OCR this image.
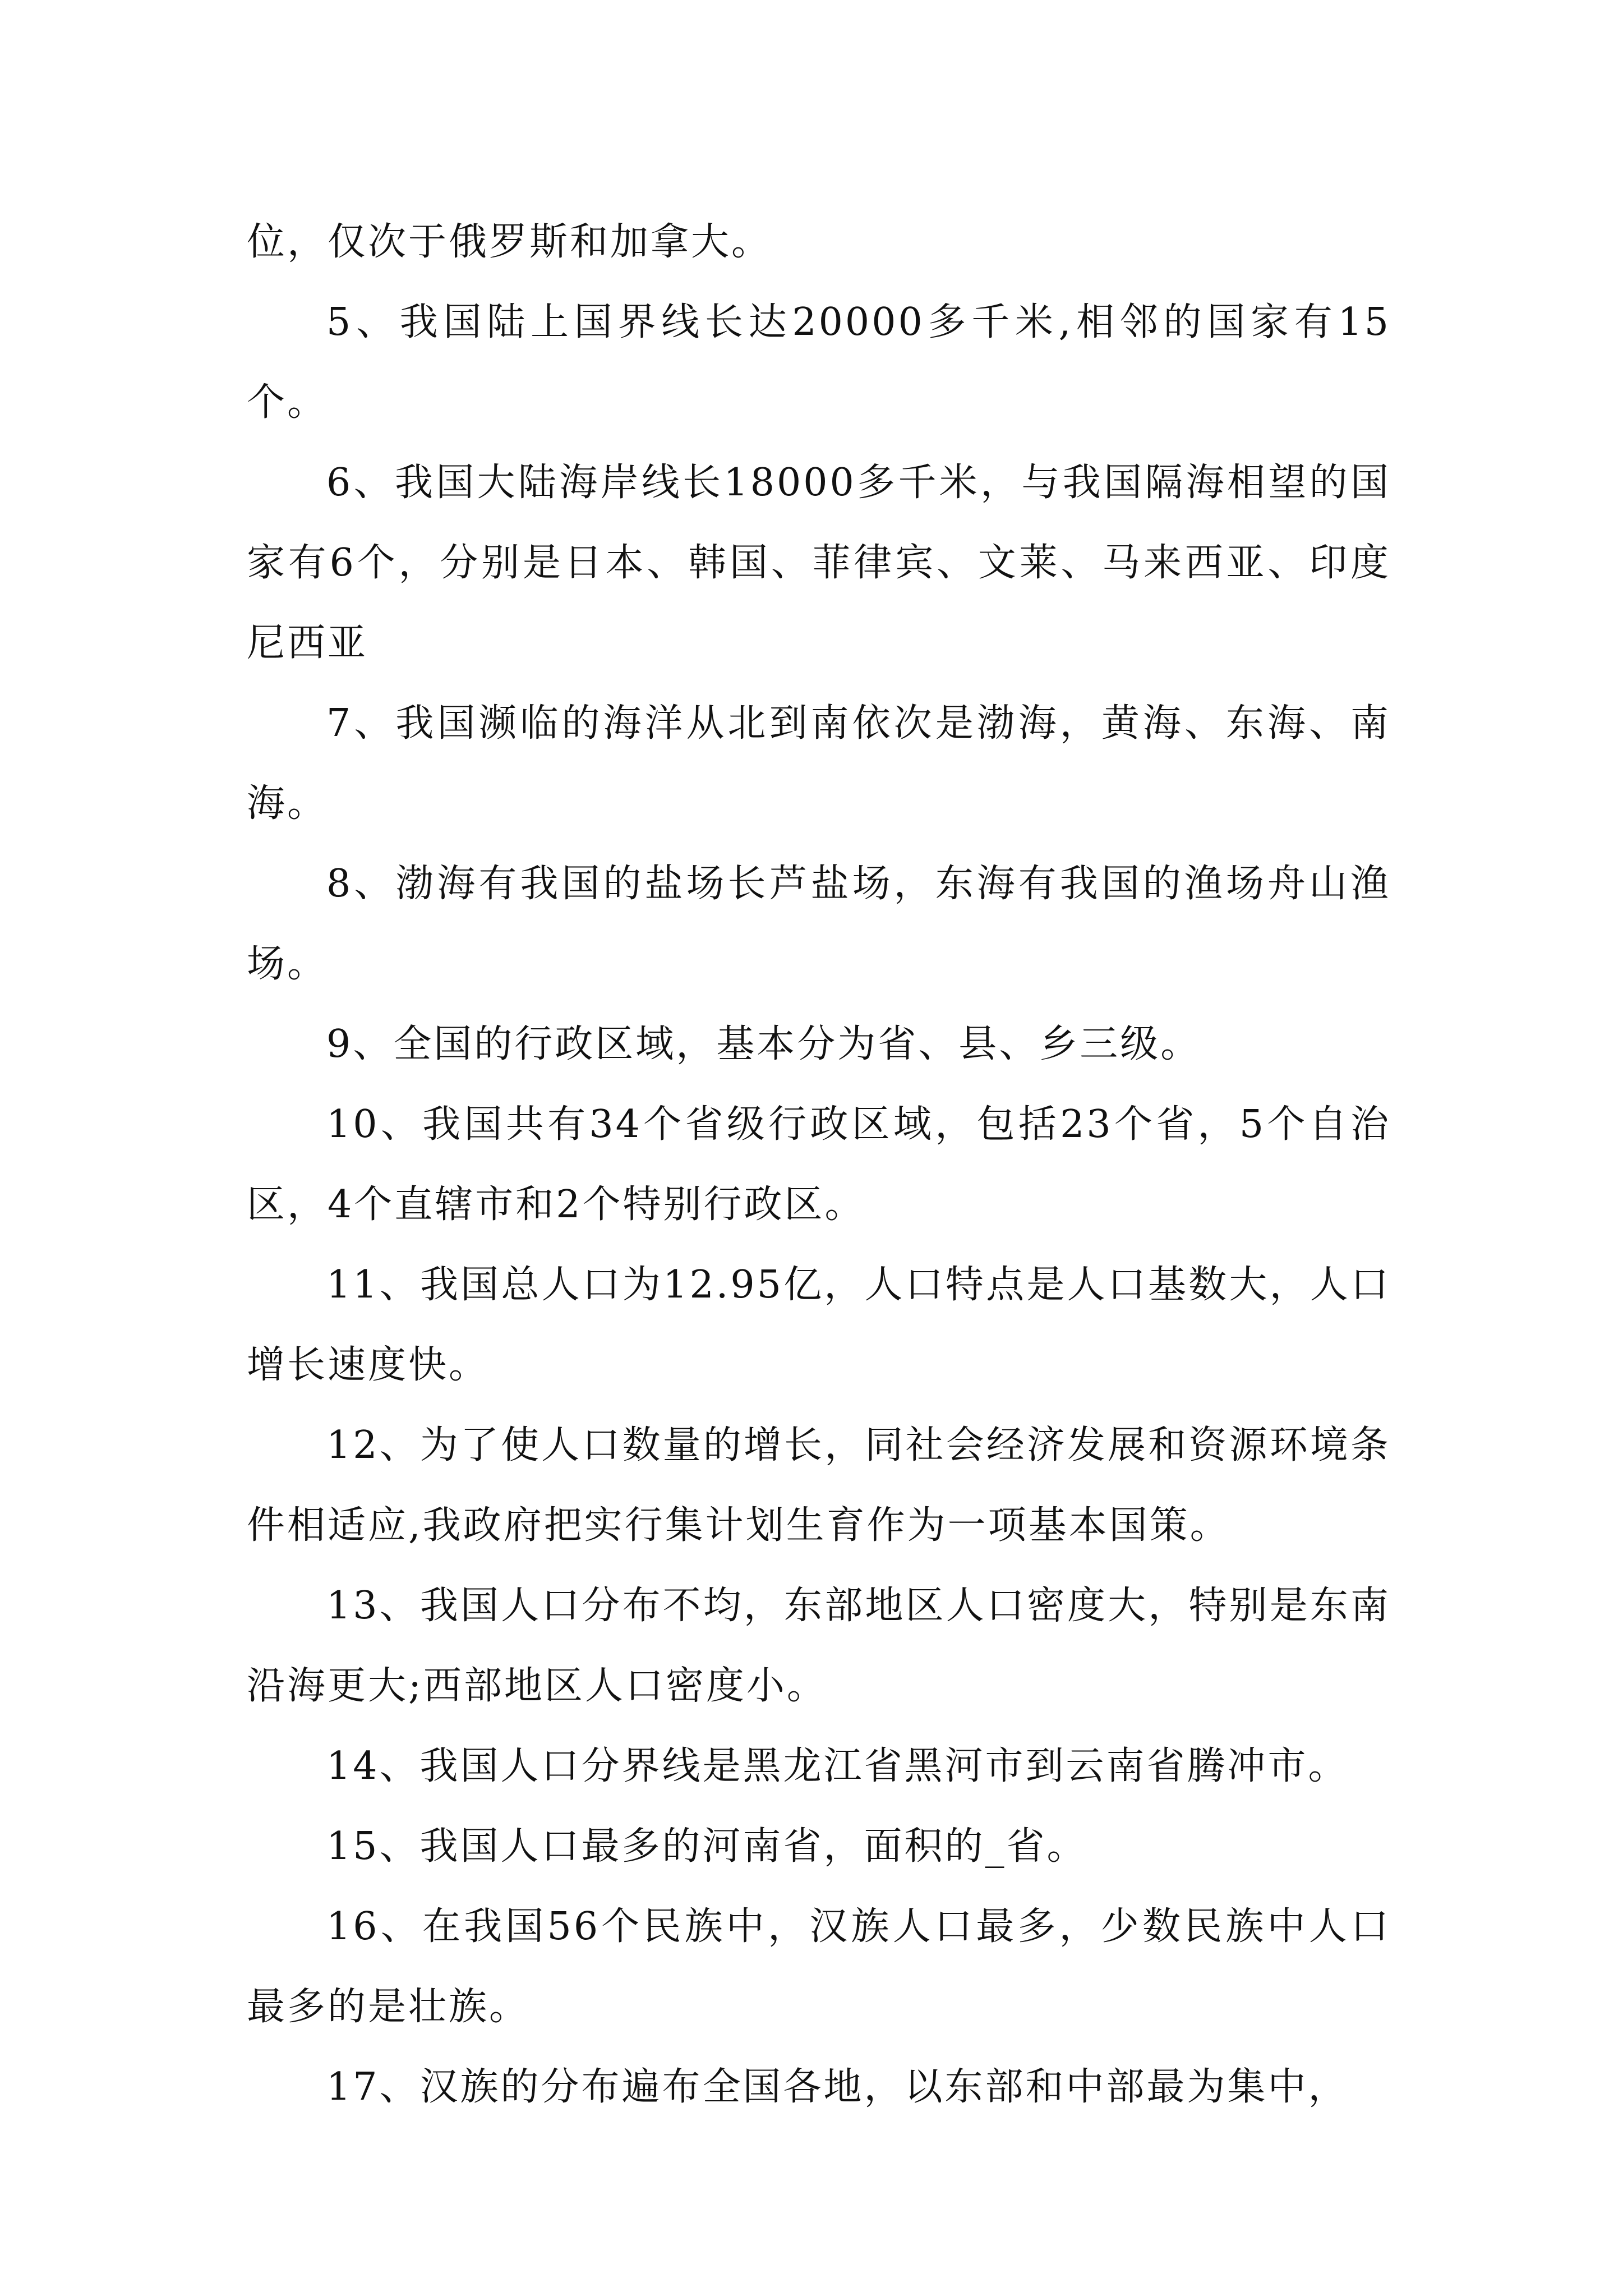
位，仅次于俄罗斯和加拿大。

5、我国陆上国界线长达20000多千米,相邻的国家有15个。

6、我国大陆海岸线长18000多千米，与我国隔海相望的国家有6个，分别是日本、韩国、菲律宾、文莱、马来西亚、印度尼西亚

7、我国濒临的海洋从北到南依次是渤海，黄海、东海、南海。

8、渤海有我国的盐场长芦盐场，东海有我国的渔场舟山渔场。

9、全国的行政区域，基本分为省、县、乡三级。

10、我国共有34个省级行政区域，包括23个省，5个自治区，4个直辖市和2个特别行政区。

11、我国总人口为12.95亿，人口特点是人口基数大，人口增长速度快。

12、为了使人口数量的增长，同社会经济发展和资源环境条件相适应,我政府把实行集计划生育作为一项基本国策。

13、我国人口分布不均，东部地区人口密度大，特别是东南沿海更大;西部地区人口密度小。

14、我国人口分界线是黑龙江省黑河市到云南省腾冲市。

15、我国人口最多的河南省，面积的_省。

16、在我国56个民族中，汉族人口最多，少数民族中人口最多的是壮族。

17、汉族的分布遍布全国各地，以东部和中部最为集中，
